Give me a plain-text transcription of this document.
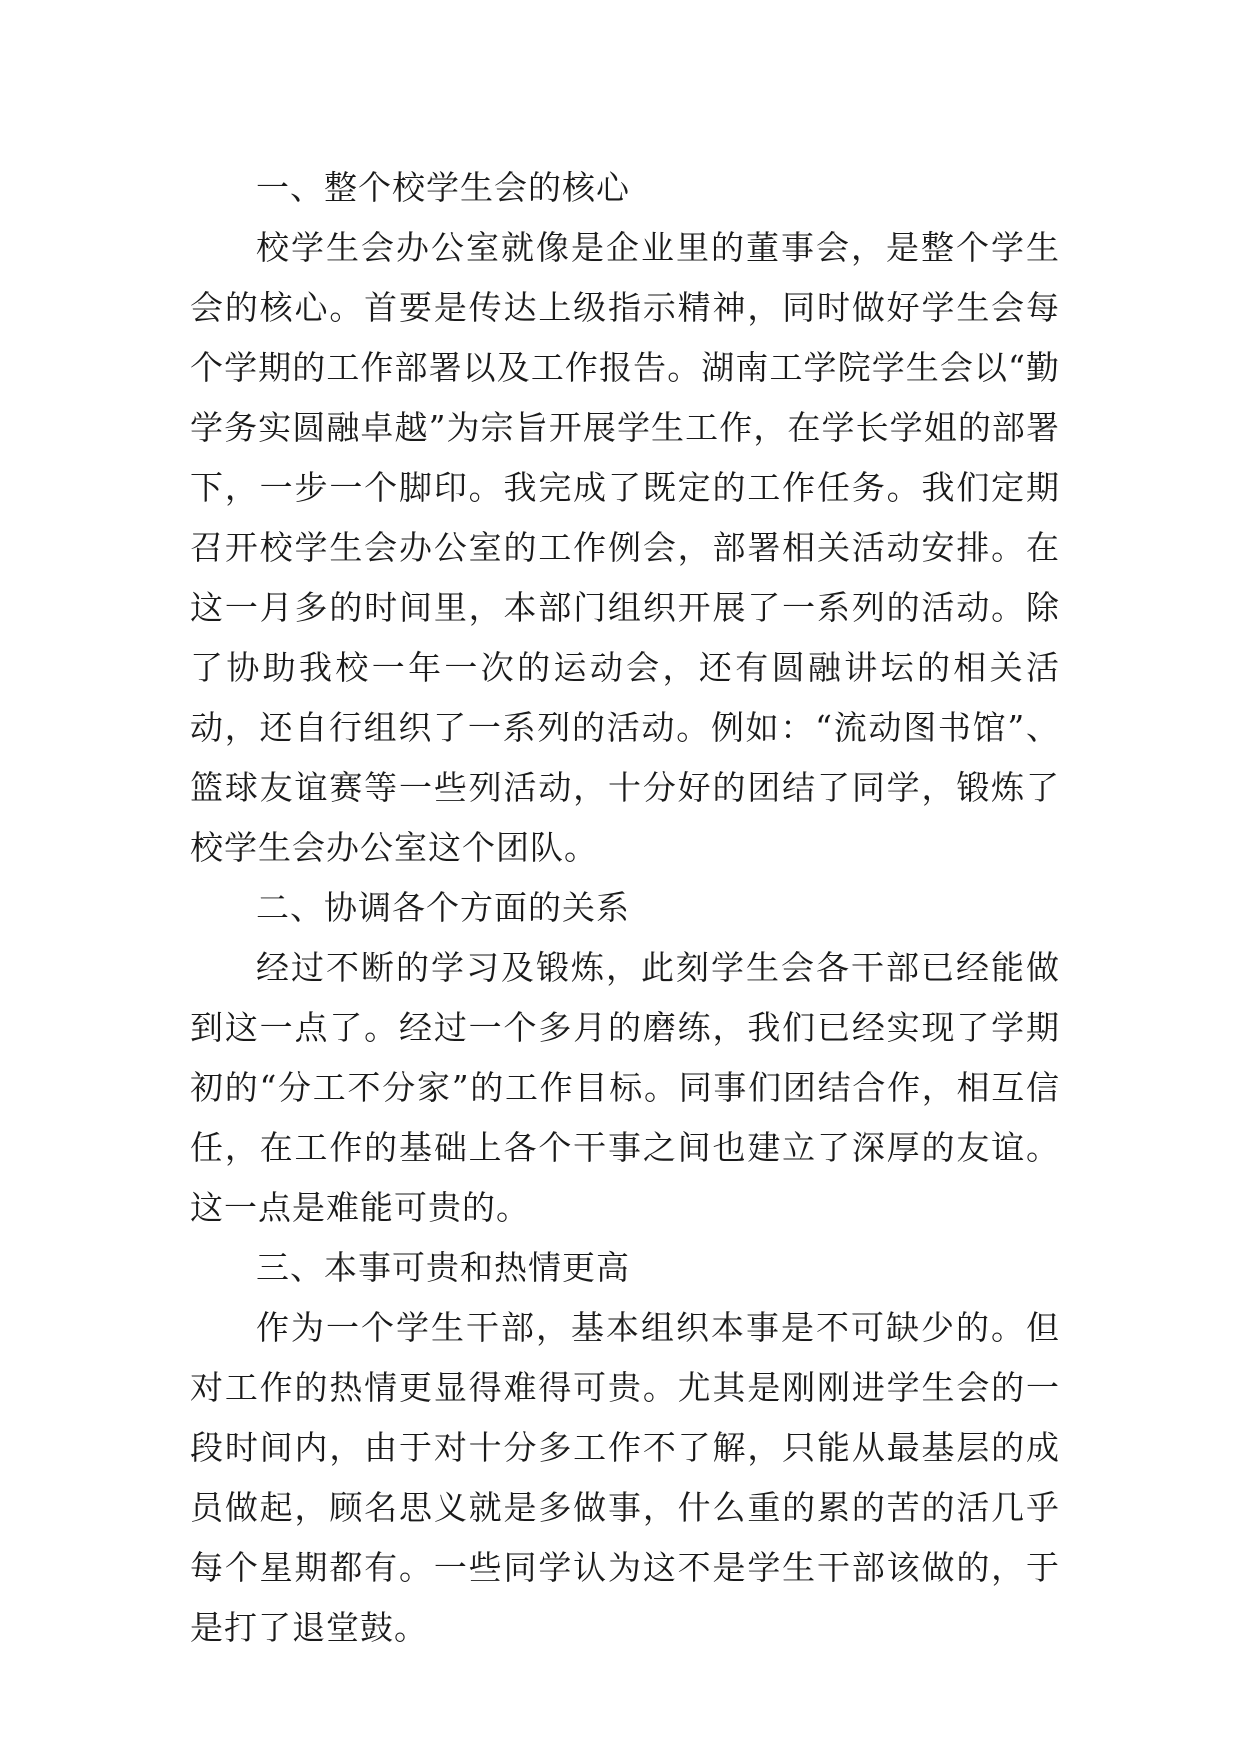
一、整个校学生会的核心

校学生会办公室就像是企业里的董事会，是整个学生会的核心。首要是传达上级指示精神，同时做好学生会每个学期的工作部署以及工作报告。湖南工学院学生会以“勤学务实圆融卓越”为宗旨开展学生工作，在学长学姐的部署下，一步一个脚印。我完成了既定的工作任务。我们定期召开校学生会办公室的工作例会，部署相关活动安排。在这一月多的时间里，本部门组织开展了一系列的活动。除了协助我校一年一次的运动会，还有圆融讲坛的相关活动，还自行组织了一系列的活动。例如：“流动图书馆”、篮球友谊赛等一些列活动，十分好的团结了同学，锻炼了校学生会办公室这个团队。

二、协调各个方面的关系

经过不断的学习及锻炼，此刻学生会各干部已经能做到这一点了。经过一个多月的磨练，我们已经实现了学期初的“分工不分家”的工作目标。同事们团结合作，相互信任，在工作的基础上各个干事之间也建立了深厚的友谊。这一点是难能可贵的。

三、本事可贵和热情更高

作为一个学生干部，基本组织本事是不可缺少的。但对工作的热情更显得难得可贵。尤其是刚刚进学生会的一段时间内，由于对十分多工作不了解，只能从最基层的成员做起，顾名思义就是多做事，什么重的累的苦的活几乎每个星期都有。一些同学认为这不是学生干部该做的，于是打了退堂鼓。
